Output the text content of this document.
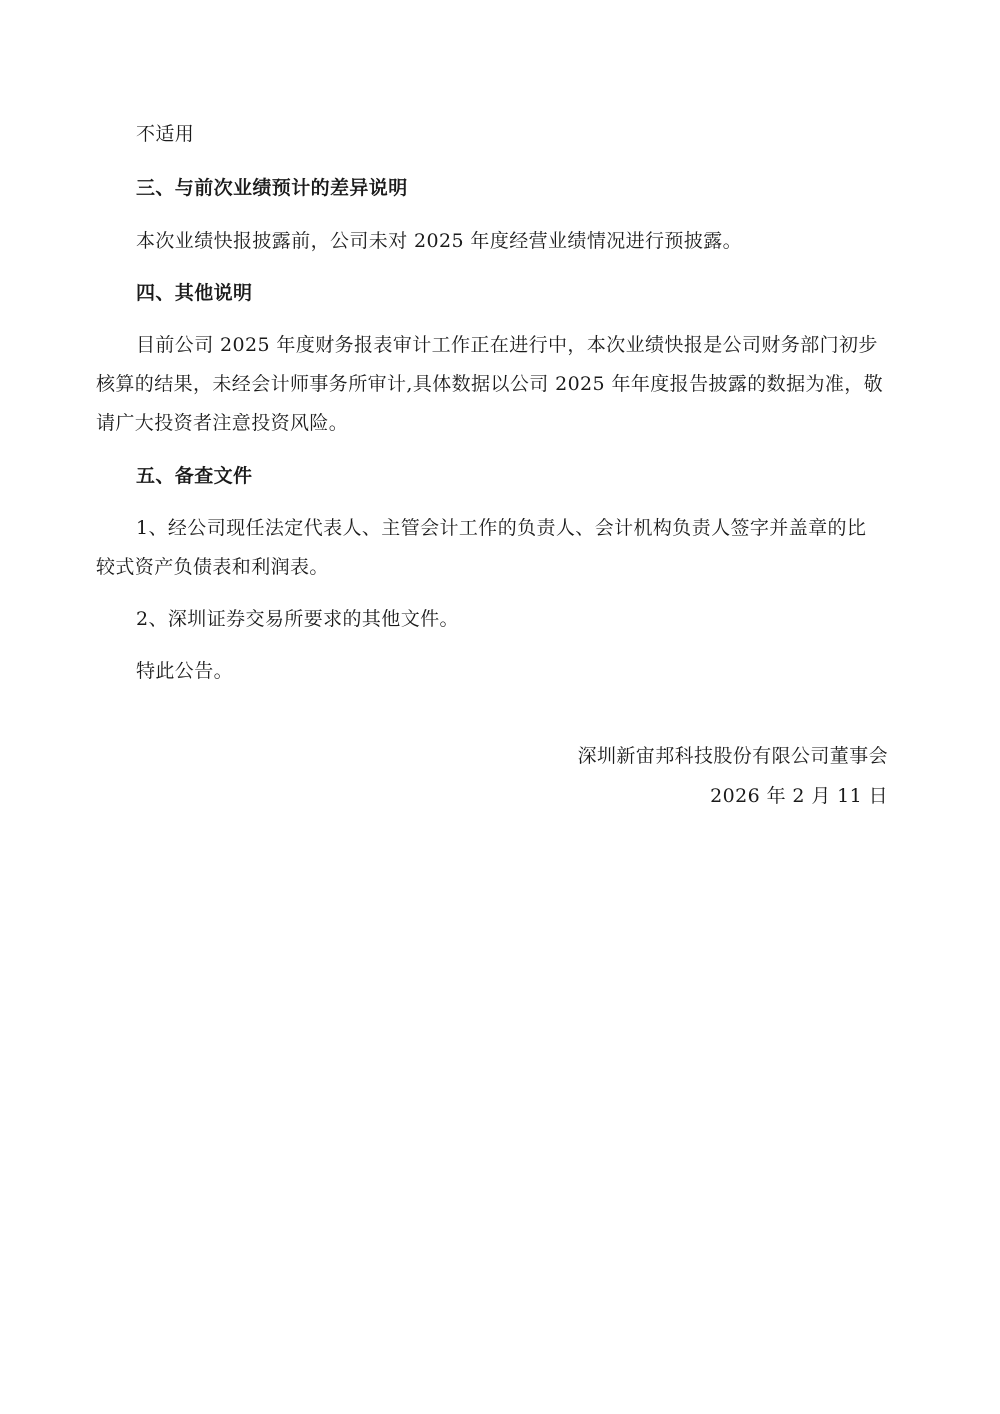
不适用
三、与前次业绩预计的差异说明
本次业绩快报披露前，公司未对 2025 年度经营业绩情况进行预披露。
四、其他说明
目前公司 2025 年度财务报表审计工作正在进行中，本次业绩快报是公司财务部门初步
核算的结果，未经会计师事务所审计,具体数据以公司 2025 年年度报告披露的数据为准，敬
请广大投资者注意投资风险。
五、备查文件
1、经公司现任法定代表人、主管会计工作的负责人、会计机构负责人签字并盖章的比
较式资产负债表和利润表。
2、深圳证券交易所要求的其他文件。
特此公告。
深圳新宙邦科技股份有限公司董事会
2026 年 2 月 11 日
